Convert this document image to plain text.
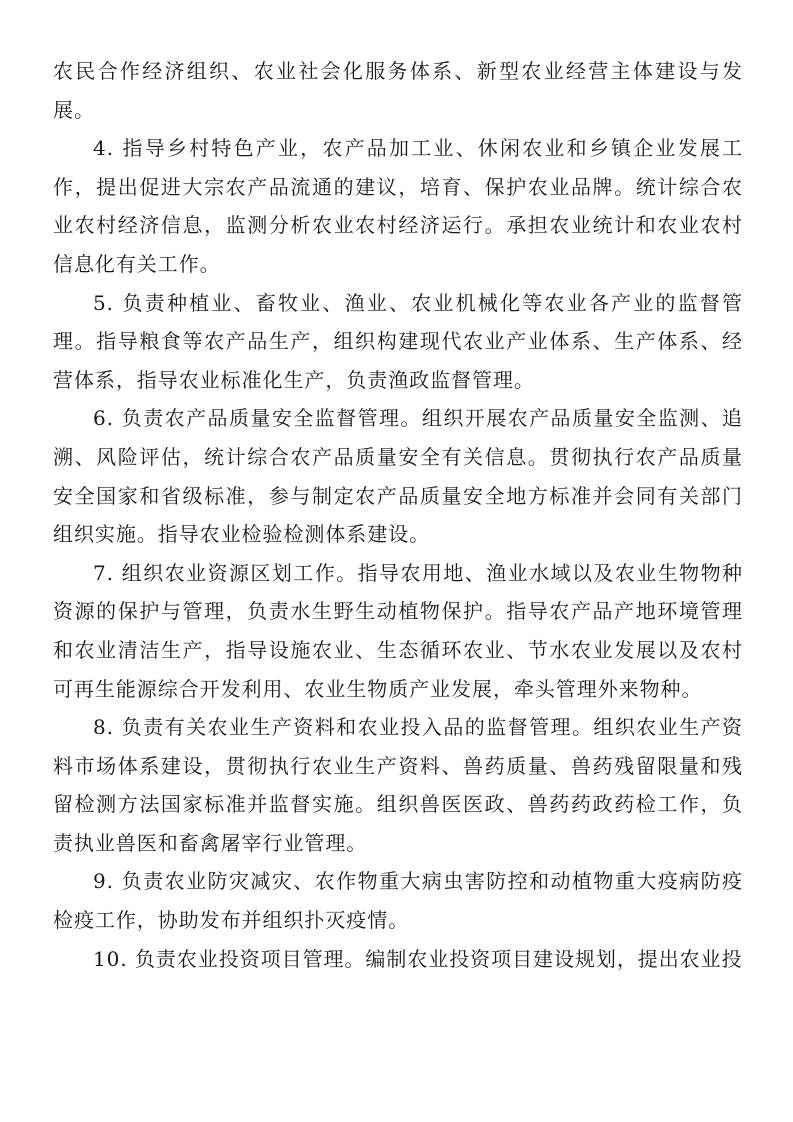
农民合作经济组织、农业社会化服务体系、新型农业经营主体建设与发展。

4. 指导乡村特色产业，农产品加工业、休闲农业和乡镇企业发展工作，提出促进大宗农产品流通的建议，培育、保护农业品牌。统计综合农业农村经济信息，监测分析农业农村经济运行。承担农业统计和农业农村信息化有关工作。

5. 负责种植业、畜牧业、渔业、农业机械化等农业各产业的监督管理。指导粮食等农产品生产，组织构建现代农业产业体系、生产体系、经营体系，指导农业标准化生产，负责渔政监督管理。

6. 负责农产品质量安全监督管理。组织开展农产品质量安全监测、追溯、风险评估，统计综合农产品质量安全有关信息。贯彻执行农产品质量安全国家和省级标准，参与制定农产品质量安全地方标准并会同有关部门组织实施。指导农业检验检测体系建设。

7. 组织农业资源区划工作。指导农用地、渔业水域以及农业生物物种资源的保护与管理，负责水生野生动植物保护。指导农产品产地环境管理和农业清洁生产，指导设施农业、生态循环农业、节水农业发展以及农村可再生能源综合开发利用、农业生物质产业发展，牵头管理外来物种。

8. 负责有关农业生产资料和农业投入品的监督管理。组织农业生产资料市场体系建设，贯彻执行农业生产资料、兽药质量、兽药残留限量和残留检测方法国家标准并监督实施。组织兽医医政、兽药药政药检工作，负责执业兽医和畜禽屠宰行业管理。

9. 负责农业防灾减灾、农作物重大病虫害防控和动植物重大疫病防疫检疫工作，协助发布并组织扑灭疫情。

10. 负责农业投资项目管理。编制农业投资项目建设规划，提出农业投
